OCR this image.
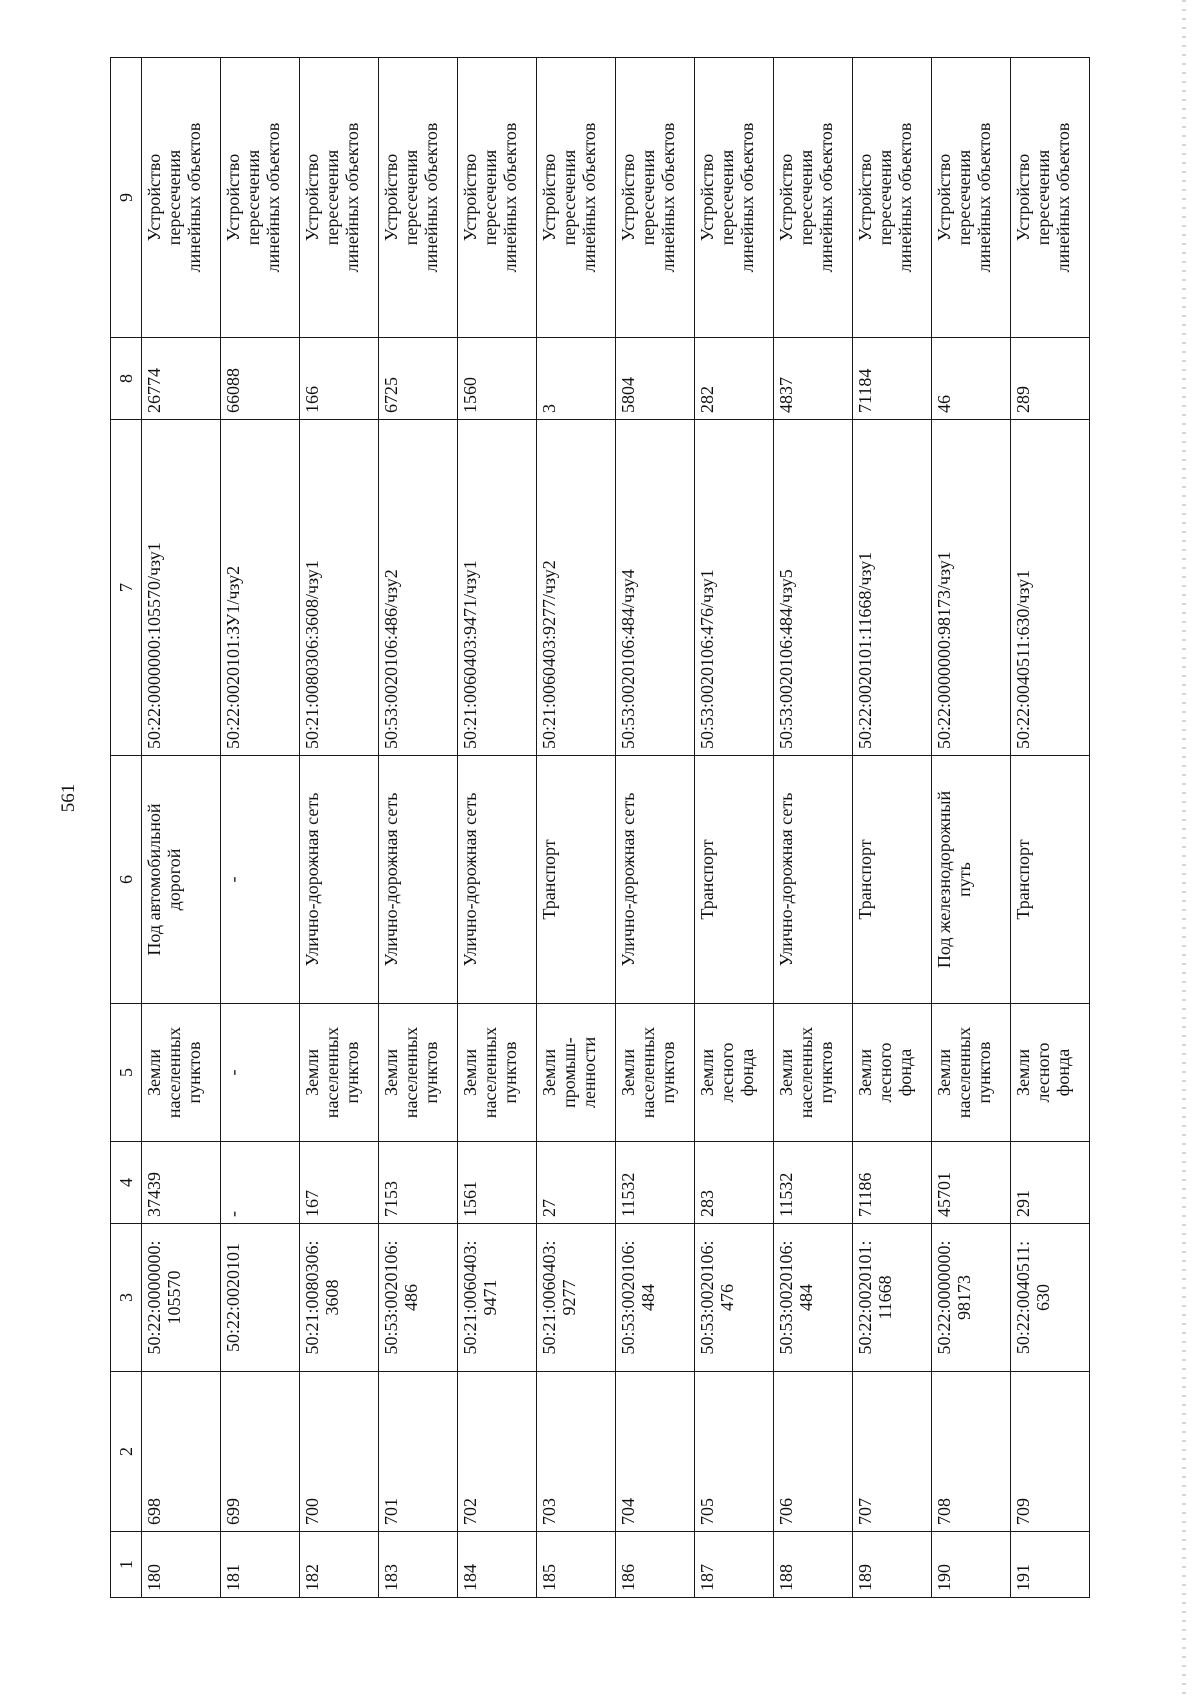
561
1	2	3	4	5	6	7	8	9
180	698	50:22:0000000:
105570	37439	Земли
населенных
пунктов	Под автомобильной
дорогой	50:22:0000000:105570/чзу1	26774	Устройство
пересечения
линейных объектов
181	699	50:22:0020101	-	-	-	50:22:0020101:ЗУ1/чзу2	66088	Устройство
пересечения
линейных объектов
182	700	50:21:0080306:
3608	167	Земли
населенных
пунктов	Улично-дорожная сеть	50:21:0080306:3608/чзу1	166	Устройство
пересечения
линейных объектов
183	701	50:53:0020106:
486	7153	Земли
населенных
пунктов	Улично-дорожная сеть	50:53:0020106:486/чзу2	6725	Устройство
пересечения
линейных объектов
184	702	50:21:0060403:
9471	1561	Земли
населенных
пунктов	Улично-дорожная сеть	50:21:0060403:9471/чзу1	1560	Устройство
пересечения
линейных объектов
185	703	50:21:0060403:
9277	27	Земли
промыш-
ленности	Транспорт	50:21:0060403:9277/чзу2	3	Устройство
пересечения
линейных объектов
186	704	50:53:0020106:
484	11532	Земли
населенных
пунктов	Улично-дорожная сеть	50:53:0020106:484/чзу4	5804	Устройство
пересечения
линейных объектов
187	705	50:53:0020106:
476	283	Земли
лесного
фонда	Транспорт	50:53:0020106:476/чзу1	282	Устройство
пересечения
линейных объектов
188	706	50:53:0020106:
484	11532	Земли
населенных
пунктов	Улично-дорожная сеть	50:53:0020106:484/чзу5	4837	Устройство
пересечения
линейных объектов
189	707	50:22:0020101:
11668	71186	Земли
лесного
фонда	Транспорт	50:22:0020101:11668/чзу1	71184	Устройство
пересечения
линейных объектов
190	708	50:22:0000000:
98173	45701	Земли
населенных
пунктов	Под железнодорожный
путь	50:22:0000000:98173/чзу1	46	Устройство
пересечения
линейных объектов
191	709	50:22:0040511:
630	291	Земли
лесного
фонда	Транспорт	50:22:0040511:630/чзу1	289	Устройство
пересечения
линейных объектов
